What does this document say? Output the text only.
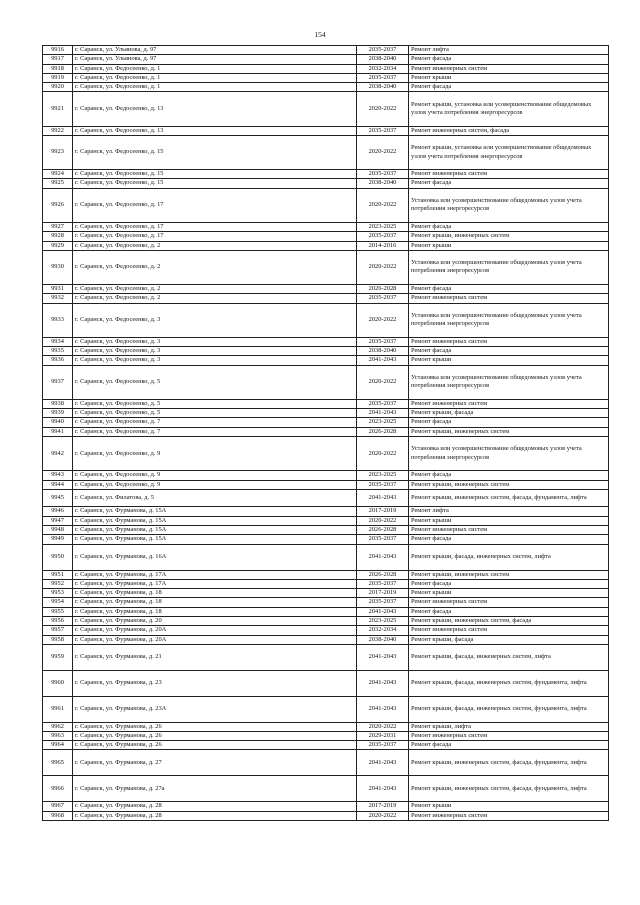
154
9916	г. Саранск, ул. Ульянова, д. 97	2035-2037	Ремонт лифта
9917	г. Саранск, ул. Ульянова, д. 97	2038-2040	Ремонт фасада
9918	г. Саранск, ул. Федосеенко, д. 1	2032-2034	Ремонт инженерных систем
9919	г. Саранск, ул. Федосеенко, д. 1	2035-2037	Ремонт крыши
9920	г. Саранск, ул. Федосеенко, д. 1	2038-2040	Ремонт фасада
9921	г. Саранск, ул. Федосеенко, д. 13	2020-2022	Ремонт крыши, установка или усовершенствование общедомовых узлов учета потребления энергоресурсов
9922	г. Саранск, ул. Федосеенко, д. 13	2035-2037	Ремонт инженерных систем, фасада
9923	г. Саранск, ул. Федосеенко, д. 15	2020-2022	Ремонт крыши, установка или усовершенствование общедомовых узлов учета потребления энергоресурсов
9924	г. Саранск, ул. Федосеенко, д. 15	2035-2037	Ремонт инженерных систем
9925	г. Саранск, ул. Федосеенко, д. 15	2038-2040	Ремонт фасада
9926	г. Саранск, ул. Федосеенко, д. 17	2020-2022	Установка или усовершенствование общедомовых узлов учета потребления энергоресурсов
9927	г. Саранск, ул. Федосеенко, д. 17	2023-2025	Ремонт фасада
9928	г. Саранск, ул. Федосеенко, д. 17	2035-2037	Ремонт крыши, инженерных систем
9929	г. Саранск, ул. Федосеенко, д. 2	2014-2016	Ремонт крыши
9930	г. Саранск, ул. Федосеенко, д. 2	2020-2022	Установка или усовершенствование общедомовых узлов учета потребления энергоресурсов
9931	г. Саранск, ул. Федосеенко, д. 2	2026-2028	Ремонт фасада
9932	г. Саранск, ул. Федосеенко, д. 2	2035-2037	Ремонт инженерных систем
9933	г. Саранск, ул. Федосеенко, д. 3	2020-2022	Установка или усовершенствование общедомовых узлов учета потребления энергоресурсов
9934	г. Саранск, ул. Федосеенко, д. 3	2035-2037	Ремонт инженерных систем
9935	г. Саранск, ул. Федосеенко, д. 3	2038-2040	Ремонт фасада
9936	г. Саранск, ул. Федосеенко, д. 3	2041-2043	Ремонт крыши
9937	г. Саранск, ул. Федосеенко, д. 5	2020-2022	Установка или усовершенствование общедомовых узлов учета потребления энергоресурсов
9938	г. Саранск, ул. Федосеенко, д. 5	2035-2037	Ремонт инженерных систем
9939	г. Саранск, ул. Федосеенко, д. 5	2041-2043	Ремонт крыши, фасада
9940	г. Саранск, ул. Федосеенко, д. 7	2023-2025	Ремонт фасада
9941	г. Саранск, ул. Федосеенко, д. 7	2026-2028	Ремонт крыши, инженерных систем
9942	г. Саранск, ул. Федосеенко, д. 9	2020-2022	Установка или усовершенствование общедомовых узлов учета потребления энергоресурсов
9943	г. Саранск, ул. Федосеенко, д. 9	2023-2025	Ремонт фасада
9944	г. Саранск, ул. Федосеенко, д. 9	2035-2037	Ремонт крыши, инженерных систем
9945	г. Саранск, ул. Филатова, д. 5	2041-2043	Ремонт крыши, инженерных систем, фасада, фундамента, лифта
9946	г. Саранск, ул. Фурманова, д. 15А	2017-2019	Ремонт лифта
9947	г. Саранск, ул. Фурманова, д. 15А	2020-2022	Ремонт крыши
9948	г. Саранск, ул. Фурманова, д. 15А	2026-2028	Ремонт инженерных систем
9949	г. Саранск, ул. Фурманова, д. 15А	2035-2037	Ремонт фасада
9950	г. Саранск, ул. Фурманова, д. 16А	2041-2043	Ремонт крыши, фасада, инженерных систем, лифта
9951	г. Саранск, ул. Фурманова, д. 17А	2026-2028	Ремонт крыши, инженерных систем
9952	г. Саранск, ул. Фурманова, д. 17А	2035-2037	Ремонт фасада
9953	г. Саранск, ул. Фурманова, д. 18	2017-2019	Ремонт крыши
9954	г. Саранск, ул. Фурманова, д. 18	2035-2037	Ремонт инженерных систем
9955	г. Саранск, ул. Фурманова, д. 18	2041-2043	Ремонт фасада
9956	г. Саранск, ул. Фурманова, д. 20	2023-2025	Ремонт крыши, инженерных систем, фасада
9957	г. Саранск, ул. Фурманова, д. 20А	2032-2034	Ремонт инженерных систем
9958	г. Саранск, ул. Фурманова, д. 20А	2038-2040	Ремонт крыши, фасада
9959	г. Саранск, ул. Фурманова, д. 21	2041-2043	Ремонт крыши, фасада, инженерных систем, лифта
9960	г. Саранск, ул. Фурманова, д. 23	2041-2043	Ремонт крыши, фасада, инженерных систем, фундамента, лифта
9961	г. Саранск, ул. Фурманова, д. 23А	2041-2043	Ремонт крыши, фасада, инженерных систем, фундамента, лифта
9962	г. Саранск, ул. Фурманова, д. 26	2020-2022	Ремонт крыши, лифта
9963	г. Саранск, ул. Фурманова, д. 26	2029-2031	Ремонт инженерных систем
9964	г. Саранск, ул. Фурманова, д. 26	2035-2037	Ремонт фасада
9965	г. Саранск, ул. Фурманова, д. 27	2041-2043	Ремонт крыши, инженерных систем, фасада, фундамента, лифта
9966	г. Саранск, ул. Фурманова, д. 27а	2041-2043	Ремонт крыши, инженерных систем, фасада, фундамента, лифта
9967	г. Саранск, ул. Фурманова, д. 28	2017-2019	Ремонт крыши
9968	г. Саранск, ул. Фурманова, д. 28	2020-2022	Ремонт инженерных систем
